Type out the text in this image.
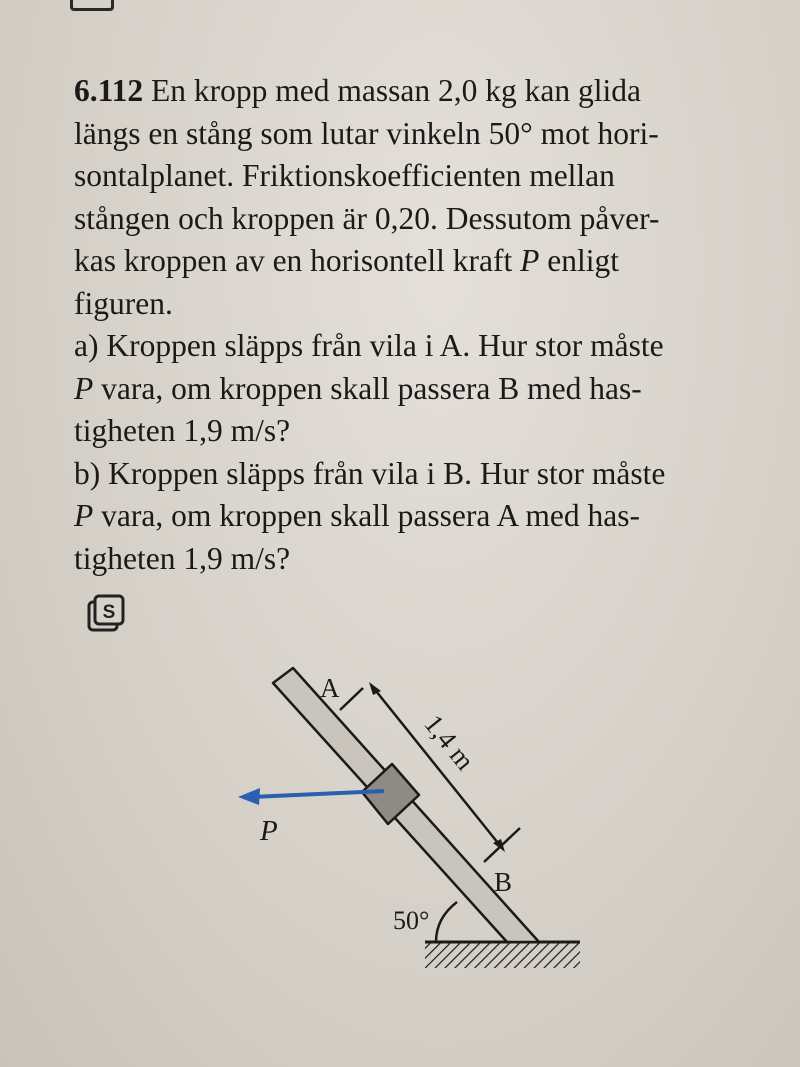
6.112 En kropp med massan 2,0 kg kan glida
längs en stång som lutar vinkeln 50° mot hori-
sontalplanet. Friktionskoefficienten mellan
stången och kroppen är 0,20. Dessutom påver-
kas kroppen av en horisontell kraft P enligt
figuren.

a) Kroppen släpps från vila i A. Hur stor måste
P vara, om kroppen skall passera B med has-
tigheten 1,9 m/s?

b) Kroppen släpps från vila i B. Hur stor måste
P vara, om kroppen skall passera A med has-
tigheten 1,9 m/s?

S
P
1,4 m
A
B
50°
